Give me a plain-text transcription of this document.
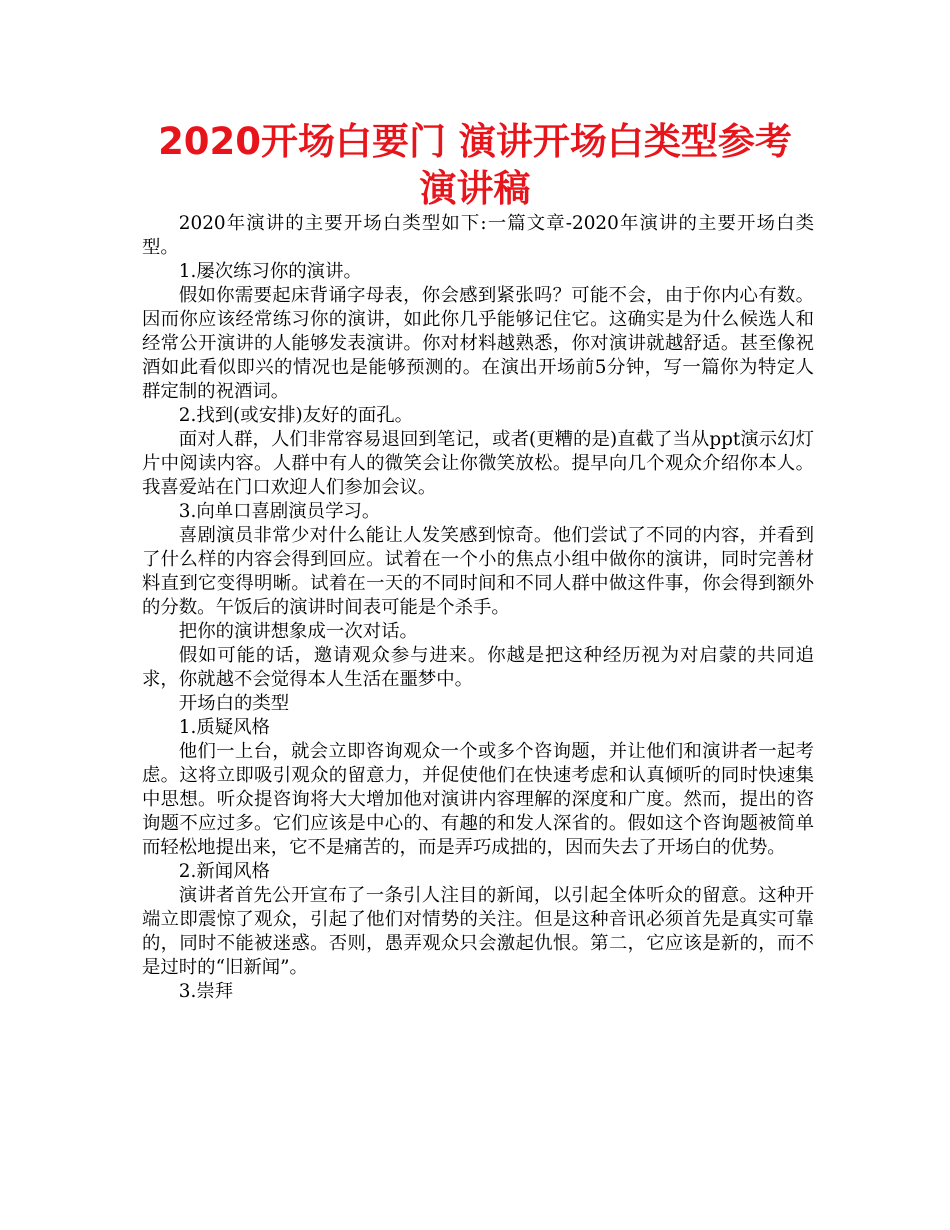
2020开场白要门 演讲开场白类型参考演讲稿

2020年演讲的主要开场白类型如下:一篇文章-2020年演讲的主要开场白类型。

1.屡次练习你的演讲。

假如你需要起床背诵字母表，你会感到紧张吗？可能不会，由于你内心有数。因而你应该经常练习你的演讲，如此你几乎能够记住它。这确实是为什么候选人和经常公开演讲的人能够发表演讲。你对材料越熟悉，你对演讲就越舒适。甚至像祝酒如此看似即兴的情况也是能够预测的。在演出开场前5分钟，写一篇你为特定人群定制的祝酒词。

2.找到(或安排)友好的面孔。

面对人群，人们非常容易退回到笔记，或者(更糟的是)直截了当从ppt演示幻灯片中阅读内容。人群中有人的微笑会让你微笑放松。提早向几个观众介绍你本人。我喜爱站在门口欢迎人们参加会议。

3.向单口喜剧演员学习。

喜剧演员非常少对什么能让人发笑感到惊奇。他们尝试了不同的内容，并看到了什么样的内容会得到回应。试着在一个小的焦点小组中做你的演讲，同时完善材料直到它变得明晰。试着在一天的不同时间和不同人群中做这件事，你会得到额外的分数。午饭后的演讲时间表可能是个杀手。

把你的演讲想象成一次对话。

假如可能的话，邀请观众参与进来。你越是把这种经历视为对启蒙的共同追求，你就越不会觉得本人生活在噩梦中。

开场白的类型

1.质疑风格

他们一上台，就会立即咨询观众一个或多个咨询题，并让他们和演讲者一起考虑。这将立即吸引观众的留意力，并促使他们在快速考虑和认真倾听的同时快速集中思想。听众提咨询将大大增加他对演讲内容理解的深度和广度。然而，提出的咨询题不应过多。它们应该是中心的、有趣的和发人深省的。假如这个咨询题被简单而轻松地提出来，它不是痛苦的，而是弄巧成拙的，因而失去了开场白的优势。

2.新闻风格

演讲者首先公开宣布了一条引人注目的新闻，以引起全体听众的留意。这种开端立即震惊了观众，引起了他们对情势的关注。但是这种音讯必须首先是真实可靠的，同时不能被迷惑。否则，愚弄观众只会激起仇恨。第二，它应该是新的，而不是过时的“旧新闻”。

3.崇拜
